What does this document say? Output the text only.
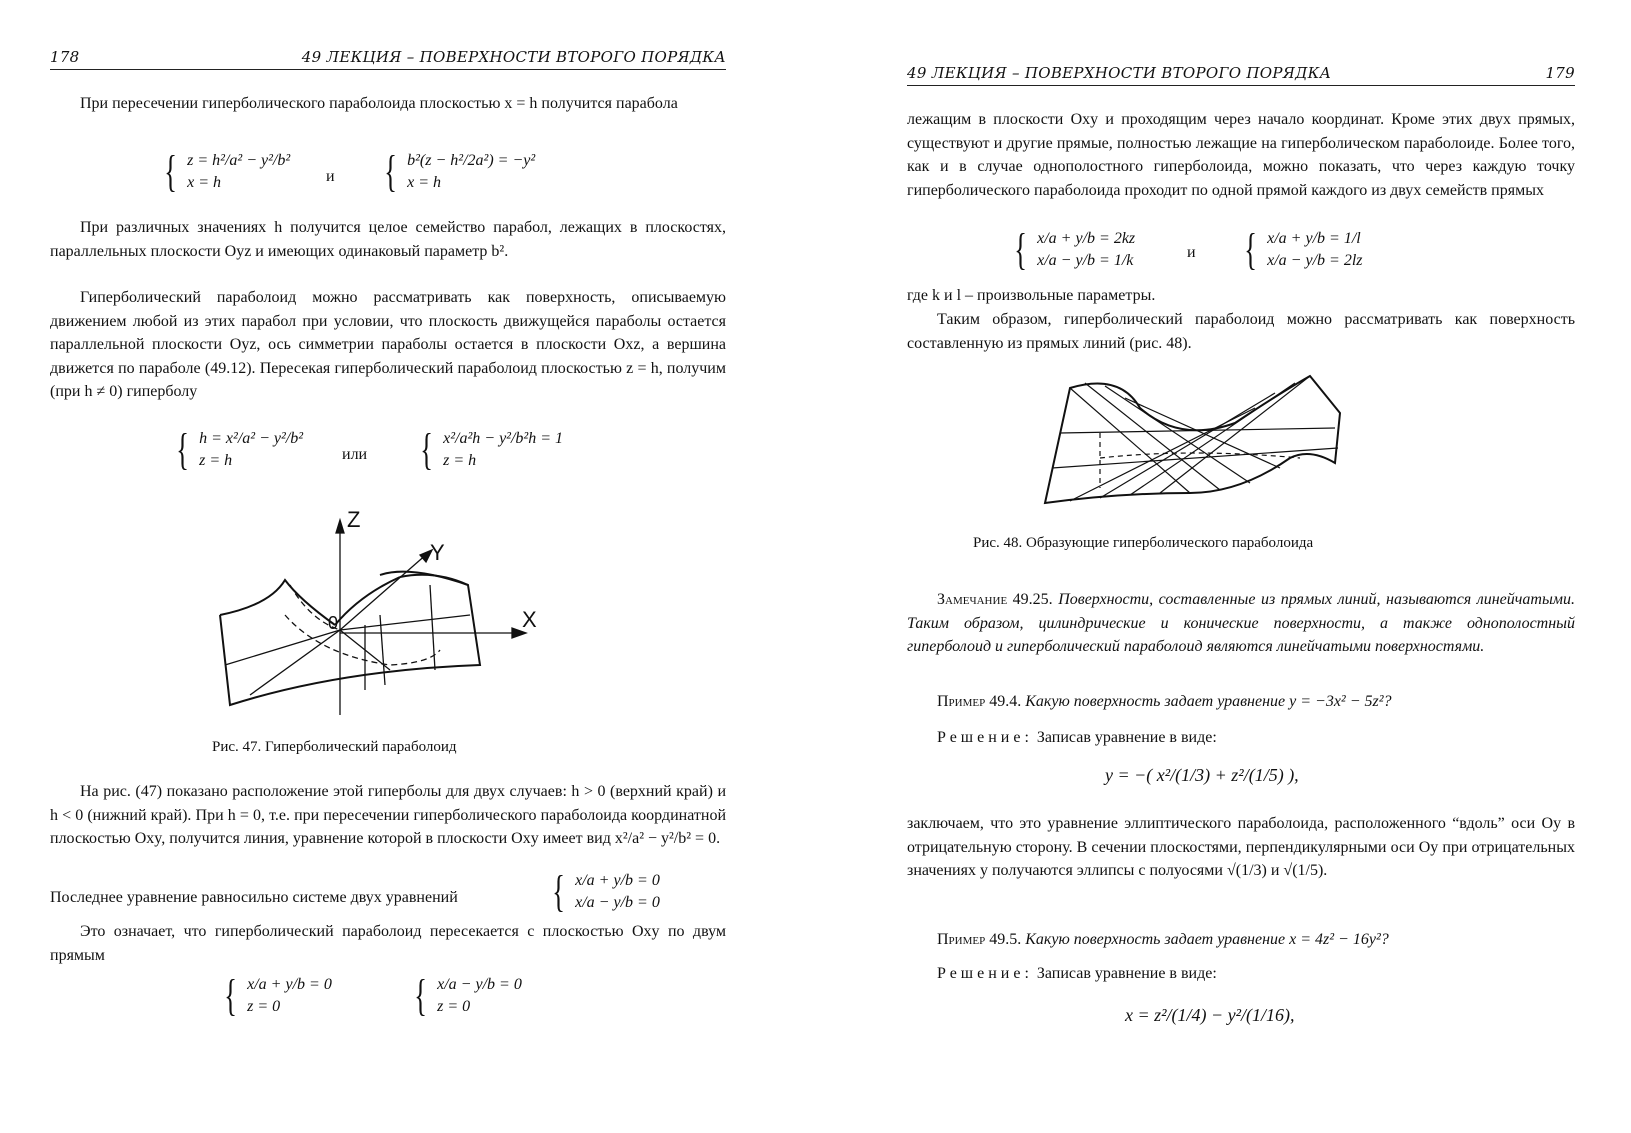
178	49 ЛЕКЦИЯ – ПОВЕРХНОСТИ ВТОРОГО ПОРЯДКА
При пересечении гиперболического параболоида плоскостью x = h получится парабола
{ z = h²/a² − y²/b²
x = h	и { b²(z − h²/2a²) = −y²
x = h
При различных значениях h получится целое семейство парабол, лежащих в плоскостях, параллельных плоскости Oyz и имеющих одинаковый параметр b².
Гиперболический параболоид можно рассматривать как поверхность, описываемую движением любой из этих парабол при условии, что плоскость движущейся параболы остается параллельной плоскости Oyz, ось симметрии параболы остается в плоскости Oxz, а вершина движется по параболе (49.12). Пересекая гиперболический параболоид плоскостью z = h, получим (при h ≠ 0) гиперболу
{ h = x²/a² − y²/b²
z = h	или { x²/a²h − y²/b²h = 1
z = h
Z
Y
X
0
Рис. 47. Гиперболический параболоид
На рис. (47) показано расположение этой гиперболы для двух случаев: h > 0 (верхний край) и h < 0 (нижний край). При h = 0, т.е. при пересечении гиперболического параболоида координатной плоскостью Oxy, получится линия, уравнение которой в плоскости Oxy имеет вид x²/a² − y²/b² = 0.
Последнее уравнение равносильно системе двух уравнений	{ x/a + y/b = 0
x/a − y/b = 0
Это означает, что гиперболический параболоид пересекается с плоскостью Oxy по двум прямым
{ x/a + y/b = 0
z = 0	{ x/a − y/b = 0
z = 0
49 ЛЕКЦИЯ – ПОВЕРХНОСТИ ВТОРОГО ПОРЯДКА	179
лежащим в плоскости Oxy и проходящим через начало координат. Кроме этих двух прямых, существуют и другие прямые, полностью лежащие на гиперболическом параболоиде. Более того, как и в случае однополостного гиперболоида, можно показать, что через каждую точку гиперболического параболоида проходит по одной прямой каждого из двух семейств прямых
{ x/a + y/b = 2kz
x/a − y/b = 1/k	и { x/a + y/b = 1/l
x/a − y/b = 2lz
где k и l – произвольные параметры.
Таким образом, гиперболический параболоид можно рассматривать как поверхность составленную из прямых линий (рис. 48).
Рис. 48. Образующие гиперболического параболоида
Замечание 49.25. Поверхности, составленные из прямых линий, называются линейчатыми. Таким образом, цилиндрические и конические поверхности, а также однополостный гиперболоид и гиперболический параболоид являются линейчатыми поверхностями.
Пример 49.4. Какую поверхность задает уравнение y = −3x² − 5z²?
Решение: Записав уравнение в виде:
y = −( x²/(1/3) + z²/(1/5) ),
заключаем, что это уравнение эллиптического параболоида, расположенного “вдоль” оси Oy в отрицательную сторону. В сечении плоскостями, перпендикулярными оси Oy при отрицательных значениях y получаются эллипсы с полуосями √(1/3) и √(1/5).
Пример 49.5. Какую поверхность задает уравнение x = 4z² − 16y²?
Решение: Записав уравнение в виде:
x = z²/(1/4) − y²/(1/16),
